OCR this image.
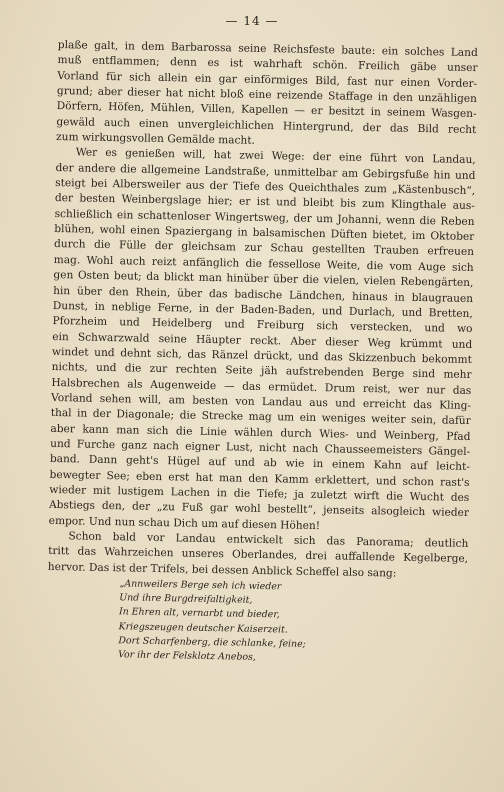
— 14 —
plaße galt, in dem Barbarossa seine Reichsfeste baute: ein solches Land
muß entflammen; denn es ist wahrhaft schön. Freilich gäbe unser
Vorland für sich allein ein gar einförmiges Bild, fast nur einen Vorder-
grund; aber dieser hat nicht bloß eine reizende Staffage in den unzähligen
Dörfern, Höfen, Mühlen, Villen, Kapellen — er besitzt in seinem Wasgen-
gewäld auch einen unvergleichlichen Hintergrund, der das Bild recht
zum wirkungsvollen Gemälde macht.
Wer es genießen will, hat zwei Wege: der eine führt von Landau,
der andere die allgemeine Landstraße, unmittelbar am Gebirgsfuße hin und
steigt bei Albersweiler aus der Tiefe des Queichthales zum „Kästenbusch“,
der besten Weinbergslage hier; er ist und bleibt bis zum Klingthale aus-
schließlich ein schattenloser Wingertsweg, der um Johanni, wenn die Reben
blühen, wohl einen Spaziergang in balsamischen Düften bietet, im Oktober
durch die Fülle der gleichsam zur Schau gestellten Trauben erfreuen
mag. Wohl auch reizt anfänglich die fessellose Weite, die vom Auge sich
gen Osten beut; da blickt man hinüber über die vielen, vielen Rebengärten,
hin über den Rhein, über das badische Ländchen, hinaus in blaugrauen
Dunst, in neblige Ferne, in der Baden-Baden, und Durlach, und Bretten,
Pforzheim und Heidelberg und Freiburg sich verstecken, und wo
ein Schwarzwald seine Häupter reckt. Aber dieser Weg krümmt und
windet und dehnt sich, das Ränzel drückt, und das Skizzenbuch bekommt
nichts, und die zur rechten Seite jäh aufstrebenden Berge sind mehr
Halsbrechen als Augenweide — das ermüdet. Drum reist, wer nur das
Vorland sehen will, am besten von Landau aus und erreicht das Kling-
thal in der Diagonale; die Strecke mag um ein weniges weiter sein, dafür
aber kann man sich die Linie wählen durch Wies- und Weinberg, Pfad
und Furche ganz nach eigner Lust, nicht nach Chausseemeisters Gängel-
band. Dann geht's Hügel auf und ab wie in einem Kahn auf leicht-
bewegter See; eben erst hat man den Kamm erklettert, und schon rast's
wieder mit lustigem Lachen in die Tiefe; ja zuletzt wirft die Wucht des
Abstiegs den, der „zu Fuß gar wohl bestellt“, jenseits alsogleich wieder
empor. Und nun schau Dich um auf diesen Höhen!
Schon bald vor Landau entwickelt sich das Panorama; deutlich
tritt das Wahrzeichen unseres Oberlandes, drei auffallende Kegelberge,
hervor. Das ist der Trifels, bei dessen Anblick Scheffel also sang:
„Annweilers Berge seh ich wieder
Und ihre Burgdreifaltigkeit,
In Ehren alt, vernarbt und bieder,
Kriegszeugen deutscher Kaiserzeit.
Dort Scharfenberg, die schlanke, feine;
Vor ihr der Felsklotz Anebos,
